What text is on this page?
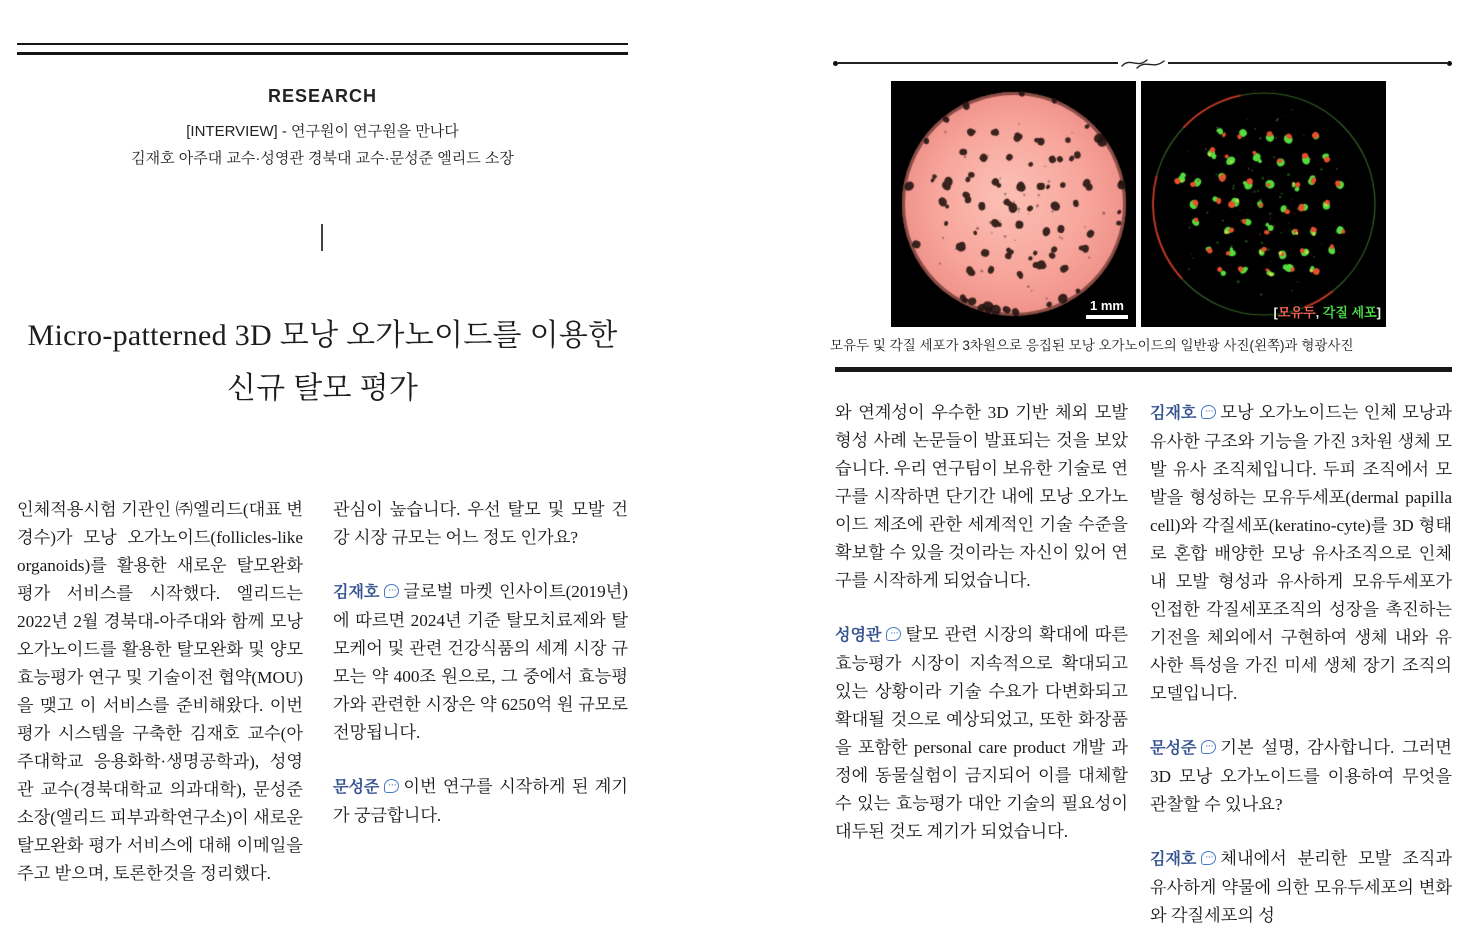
RESEARCH
[INTERVIEW] - 연구원이 연구원을 만나다
김재호 아주대 교수·성영관 경북대 교수·문성준 엘리드 소장
Micro-patterned 3D 모낭 오가노이드를 이용한
신규 탈모 평가

인체적용시험 기관인 ㈜엘리드(대표 변경수)가 모낭 오가노이드(follicles-like organoids)를 활용한 새로운 탈모완화 평가 서비스를 시작했다. 엘리드는 2022년 2월 경북대-아주대와 함께 모낭 오가노이드를 활용한 탈모완화 및 양모 효능평가 연구 및 기술이전 협약(MOU)을 맺고 이 서비스를 준비해왔다. 이번 평가 시스템을 구축한 김재호 교수(아주대학교 응용화학·생명공학과), 성영관 교수(경북대학교 의과대학), 문성준 소장(엘리드 피부과학연구소)이 새로운 탈모완화 평가 서비스에 대해 이메일을 주고 받으며, 토론한것을 정리했다.

관심이 높습니다. 우선 탈모 및 모발 건강 시장 규모는 어느 정도 인가요?

김재호 ··· 글로벌 마켓 인사이트(2019년)에 따르면 2024년 기준 탈모치료제와 탈모케어 및 관련 건강식품의 세계 시장 규모는 약 400조 원으로, 그 중에서 효능평가와 관련한 시장은 약 6250억 원 규모로 전망됩니다.

문성준 ··· 이번 연구를 시작하게 된 계기가 궁금합니다.

1 mm	[모유두, 각질 세포]
모유두 및 각질 세포가 3차원으로 응집된 모낭 오가노이드의 일반광 사진(왼쪽)과 형광사진

와 연계성이 우수한 3D 기반 체외 모발 형성 사례 논문들이 발표되는 것을 보았습니다. 우리 연구팀이 보유한 기술로 연구를 시작하면 단기간 내에 모낭 오가노이드 제조에 관한 세계적인 기술 수준을 확보할 수 있을 것이라는 자신이 있어 연구를 시작하게 되었습니다.

성영관 ··· 탈모 관련 시장의 확대에 따른 효능평가 시장이 지속적으로 확대되고 있는 상황이라 기술 수요가 다변화되고 확대될 것으로 예상되었고, 또한 화장품을 포함한 personal care product 개발 과정에 동물실험이 금지되어 이를 대체할 수 있는 효능평가 대안 기술의 필요성이 대두된 것도 계기가 되었습니다.

김재호 ··· 모낭 오가노이드는 인체 모낭과 유사한 구조와 기능을 가진 3차원 생체 모발 유사 조직체입니다. 두피 조직에서 모발을 형성하는 모유두세포(dermal papilla cell)와 각질세포(keratino-cyte)를 3D 형태로 혼합 배양한 모낭 유사조직으로 인체 내 모발 형성과 유사하게 모유두세포가 인접한 각질세포조직의 성장을 촉진하는 기전을 체외에서 구현하여 생체 내와 유사한 특성을 가진 미세 생체 장기 조직의 모델입니다.

문성준 ··· 기본 설명, 감사합니다. 그러면 3D 모낭 오가노이드를 이용하여 무엇을 관찰할 수 있나요?

김재호 ··· 체내에서 분리한 모발 조직과 유사하게 약물에 의한 모유두세포의 변화와 각질세포의 성
